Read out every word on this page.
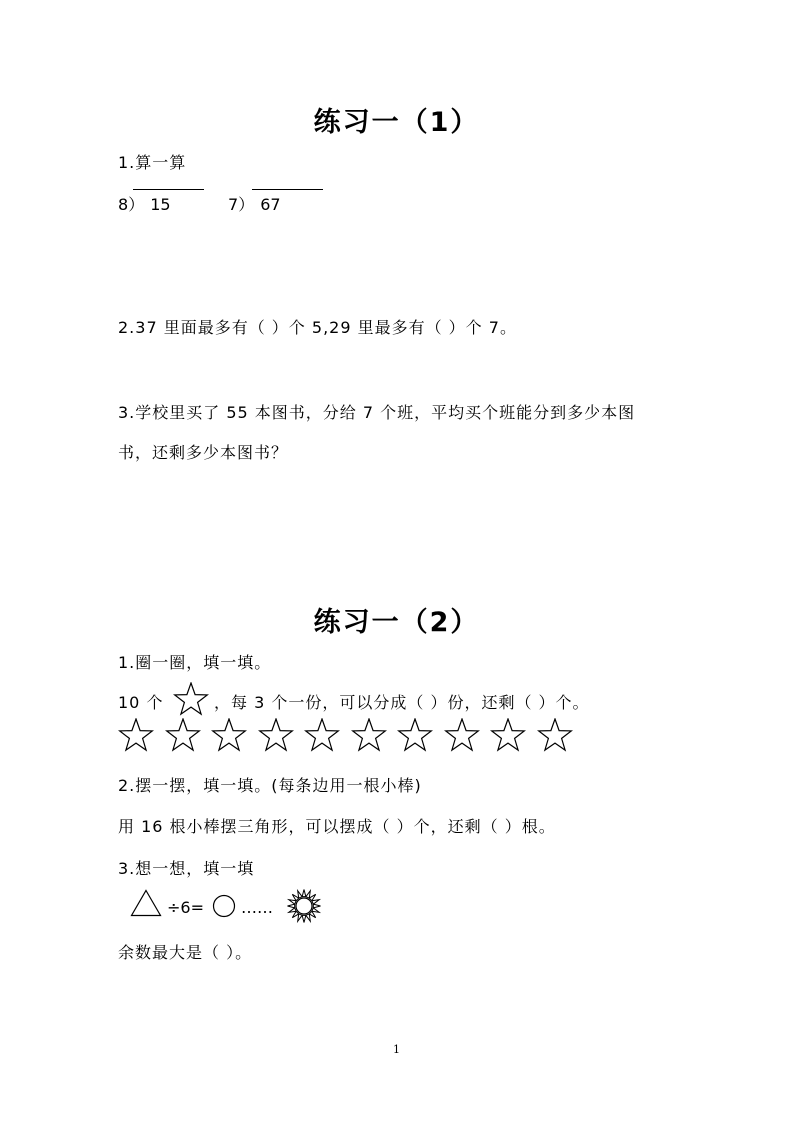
练习一（1）
1.算一算
8） 15	7） 67
2.37 里面最多有（ ）个 5,29 里最多有（ ）个 7。
3.学校里买了 55 本图书，分给 7 个班，平均买个班能分到多少本图
书，还剩多少本图书？
练习一（2）
1.圈一圈，填一填。
10 个	，每 3 个一份，可以分成（ ）份，还剩（ ）个。
2.摆一摆，填一填。(每条边用一根小棒)
用 16 根小棒摆三角形，可以摆成（ ）个，还剩（ ）根。
3.想一想，填一填
÷6= ……
余数最大是（ ）。
1
